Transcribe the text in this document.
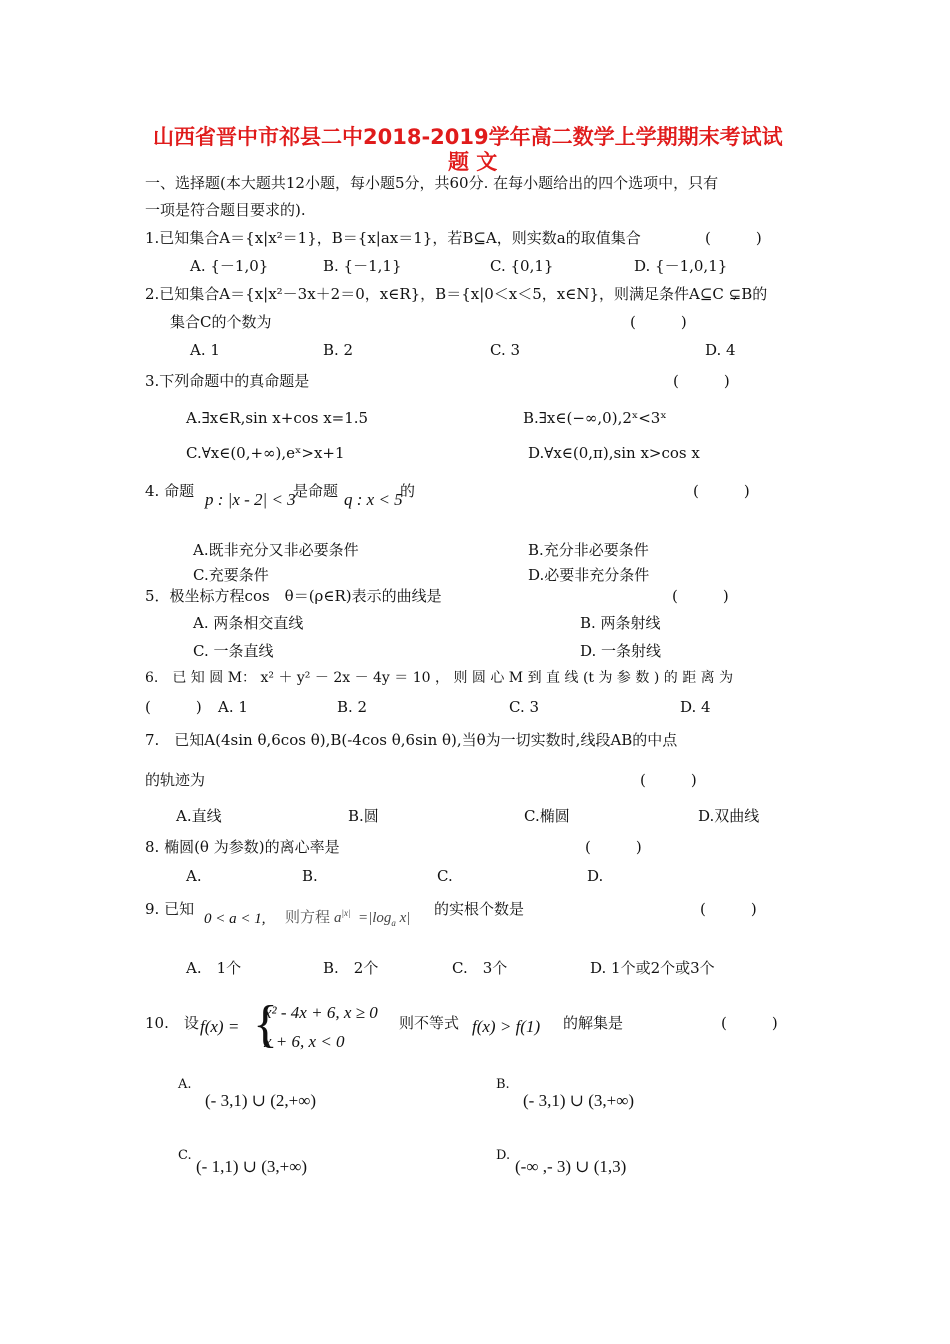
山西省晋中市祁县二中2018-2019学年高二数学上学期期末考试试
题 文
一、选择题(本大题共12小题，每小题5分，共60分. 在每小题给出的四个选项中，只有
一项是符合题目要求的).
1.已知集合A＝{x|x²＝1}，B＝{x|ax＝1}，若B⊆A，则实数a的取值集合	(　　　)
A. {－1,0}	B. {－1,1}	C. {0,1}	D. {－1,0,1}
2.已知集合A＝{x|x²－3x＋2＝0，x∈R}，B＝{x|0＜x＜5，x∈N}，则满足条件A⊆C ⊊B的
集合C的个数为	(　　　)
A. 1	B. 2	C. 3	D. 4
3.下列命题中的真命题是	(　　　)
A.∃x∈R,sin x+cos x=1.5	B.∃x∈(−∞,0),2ˣ<3ˣ
C.∀x∈(0,+∞),eˣ>x+1	D.∀x∈(0,π),sin x>cos x
4. 命题 p : |x - 2| < 3
是命题 q : x < 5
的	(　　　)
A.既非充分又非必要条件	B.充分非必要条件
C.充要条件	D.必要非充分条件
5．极坐标方程cos　θ＝(ρ∈R)表示的曲线是	(　　　)
A. 两条相交直线	B. 两条射线
C. 一条直线	D. 一条射线
6.　已 知 圆 M： x² ＋ y² － 2x － 4y ＝ 10 ， 则 圆 心 M 到 直 线 (t 为 参 数 ) 的 距 离 为
(　　　) A. 1	B. 2	C. 3	D. 4
7.　已知A(4sin θ,6cos θ),B(-4cos θ,6sin θ),当θ为一切实数时,线段AB的中点
的轨迹为	(　　　)
A.直线	B.圆	C.椭圆	D.双曲线
8. 椭圆(θ 为参数)的离心率是	(　　　)
A.	B.	C.	D.
9. 已知
0 < a < 1, 则方程 $a^{|x|} =|\log_a$ x| 的实根个数是	(　　　)
A.　1个	B.　2个	C.　3个	D. 1个或2个或3个
10.　设 f(x) = {
x² - 4x + 6, x ≥ 0
x + 6, x < 0
则不等式 f(x) > f(1) 的解集是	(　　　)
A.
(- 3,1) ∪ (2,+∞)
B.
(- 3,1) ∪ (3,+∞)
C.
(- 1,1) ∪ (3,+∞)
D.
(-∞ ,- 3) ∪ (1,3)
